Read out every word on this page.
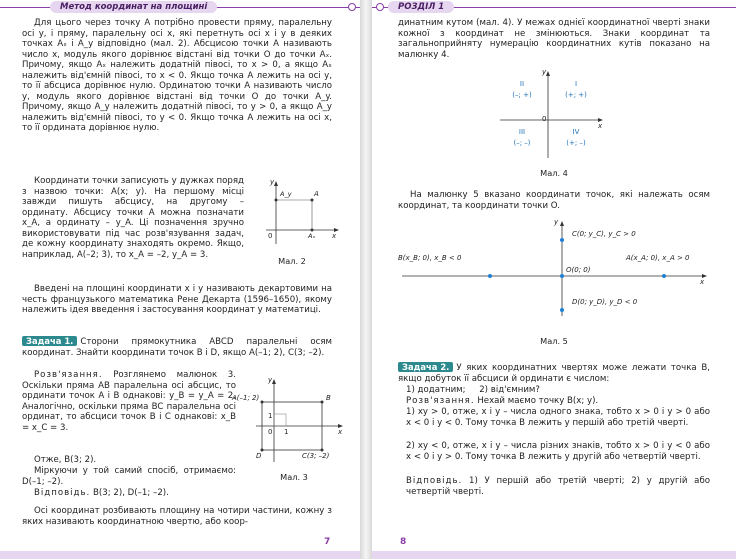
Метод координат на площині
Для цього через точку A потрібно провести пряму, паралельну осі y, і пряму, паралельну осі x, які перетнуть осі x і y в деяких точках Aₓ і A_y відповідно (мал. 2). Абсцисою точки A називають число x, модуль якого дорівнює відстані від точки O до точки Aₓ. Причому, якщо Aₓ належить додатній півосі, то x > 0, а якщо Aₓ належить від'ємній півосі, то x < 0. Якщо точка A лежить на осі y, то її абсциса дорівнює нулю. Ординатою точки A називають число y, модуль якого дорівнює відстані від точки O до точки A_y. Причому, якщо A_y належить додатній півосі, то y > 0, а якщо A_y належить від'ємній півосі, то y < 0. Якщо точка A лежить на осі x, то її ордината дорівнює нулю.
Координати точки записують у дужках поряд з назвою точки: A(x; y). На першому місці завжди пишуть абсцису, на другому – ординату. Абсцису точки A можна позначати x_A, а ординату – y_A. Ці позначення зручно використовувати під час розв'язування задач, де кожну координату знаходять окремо. Якщо, наприклад, A(–2; 3), то x_A = –2, y_A = 3.
y
x
0
A_y	A
Aₓ
Мал. 2
Введені на площині координати x і y називають декартовими на честь французького математика Рене Декарта (1596–1650), якому належить ідея введення і застосування координат у математиці.
Задача 1. Сторони прямокутника ABCD паралельні осям координат. Знайти координати точок B і D, якщо A(–1; 2), C(3; –2).
Розв'язання. Розглянемо малюнок 3. Оскільки пряма AB паралельна осі абсцис, то ординати точок A і B однакові: y_B = y_A = 2. Аналогічно, оскільки пряма BC паралельна осі ординат, то абсциси точок B і C однакові: x_B = x_C = 3.
Отже, B(3; 2).
Міркуючи у той самий спосіб, отримаємо: D(–1; –2).
Відповідь. B(3; 2), D(–1; –2).
y
x
A(–1; 2)	B
C(3; –2)
D
1
0 1
Мал. 3
Осі координат розбивають площину на чотири частини, кожну з яких називають координатною чвертю, або коор-
7
РОЗДІЛ 1
динатним кутом (мал. 4). У межах однієї координатної чверті знаки кожної з координат не змінюються. Знаки координат та загальноприйняту нумерацію координатних кутів показано на малюнку 4.
y
x
0
II
(–; +)
I
(+; +)
III
(–; –)
IV
(+; –)
Мал. 4
На малюнку 5 вказано координати точок, які належать осям координат, та координати точки O.
y
x
C(0; y_C), y_C > 0
B(x_B; 0), x_B < 0	A(x_A; 0), x_A > 0
O(0; 0)
D(0; y_D), y_D < 0
Мал. 5
Задача 2. У яких координатних чвертях може лежати точка B, якщо добуток її абсциси й ординати є числом:
1) додатним;     2) від'ємним?
Розв'язання. Нехай маємо точку B(x; y).
1) xy > 0, отже, x і y – числа одного знака, тобто x > 0 і y > 0 або x < 0 і y < 0. Тому точка B лежить у першій або третій чверті.
2) xy < 0, отже, x і y – числа різних знаків, тобто x > 0 і y < 0 або x < 0 і y > 0. Тому точка B лежить у другій або четвертій чверті.
Відповідь. 1) У першій або третій чверті; 2) у другій або четвертій чверті.
8
